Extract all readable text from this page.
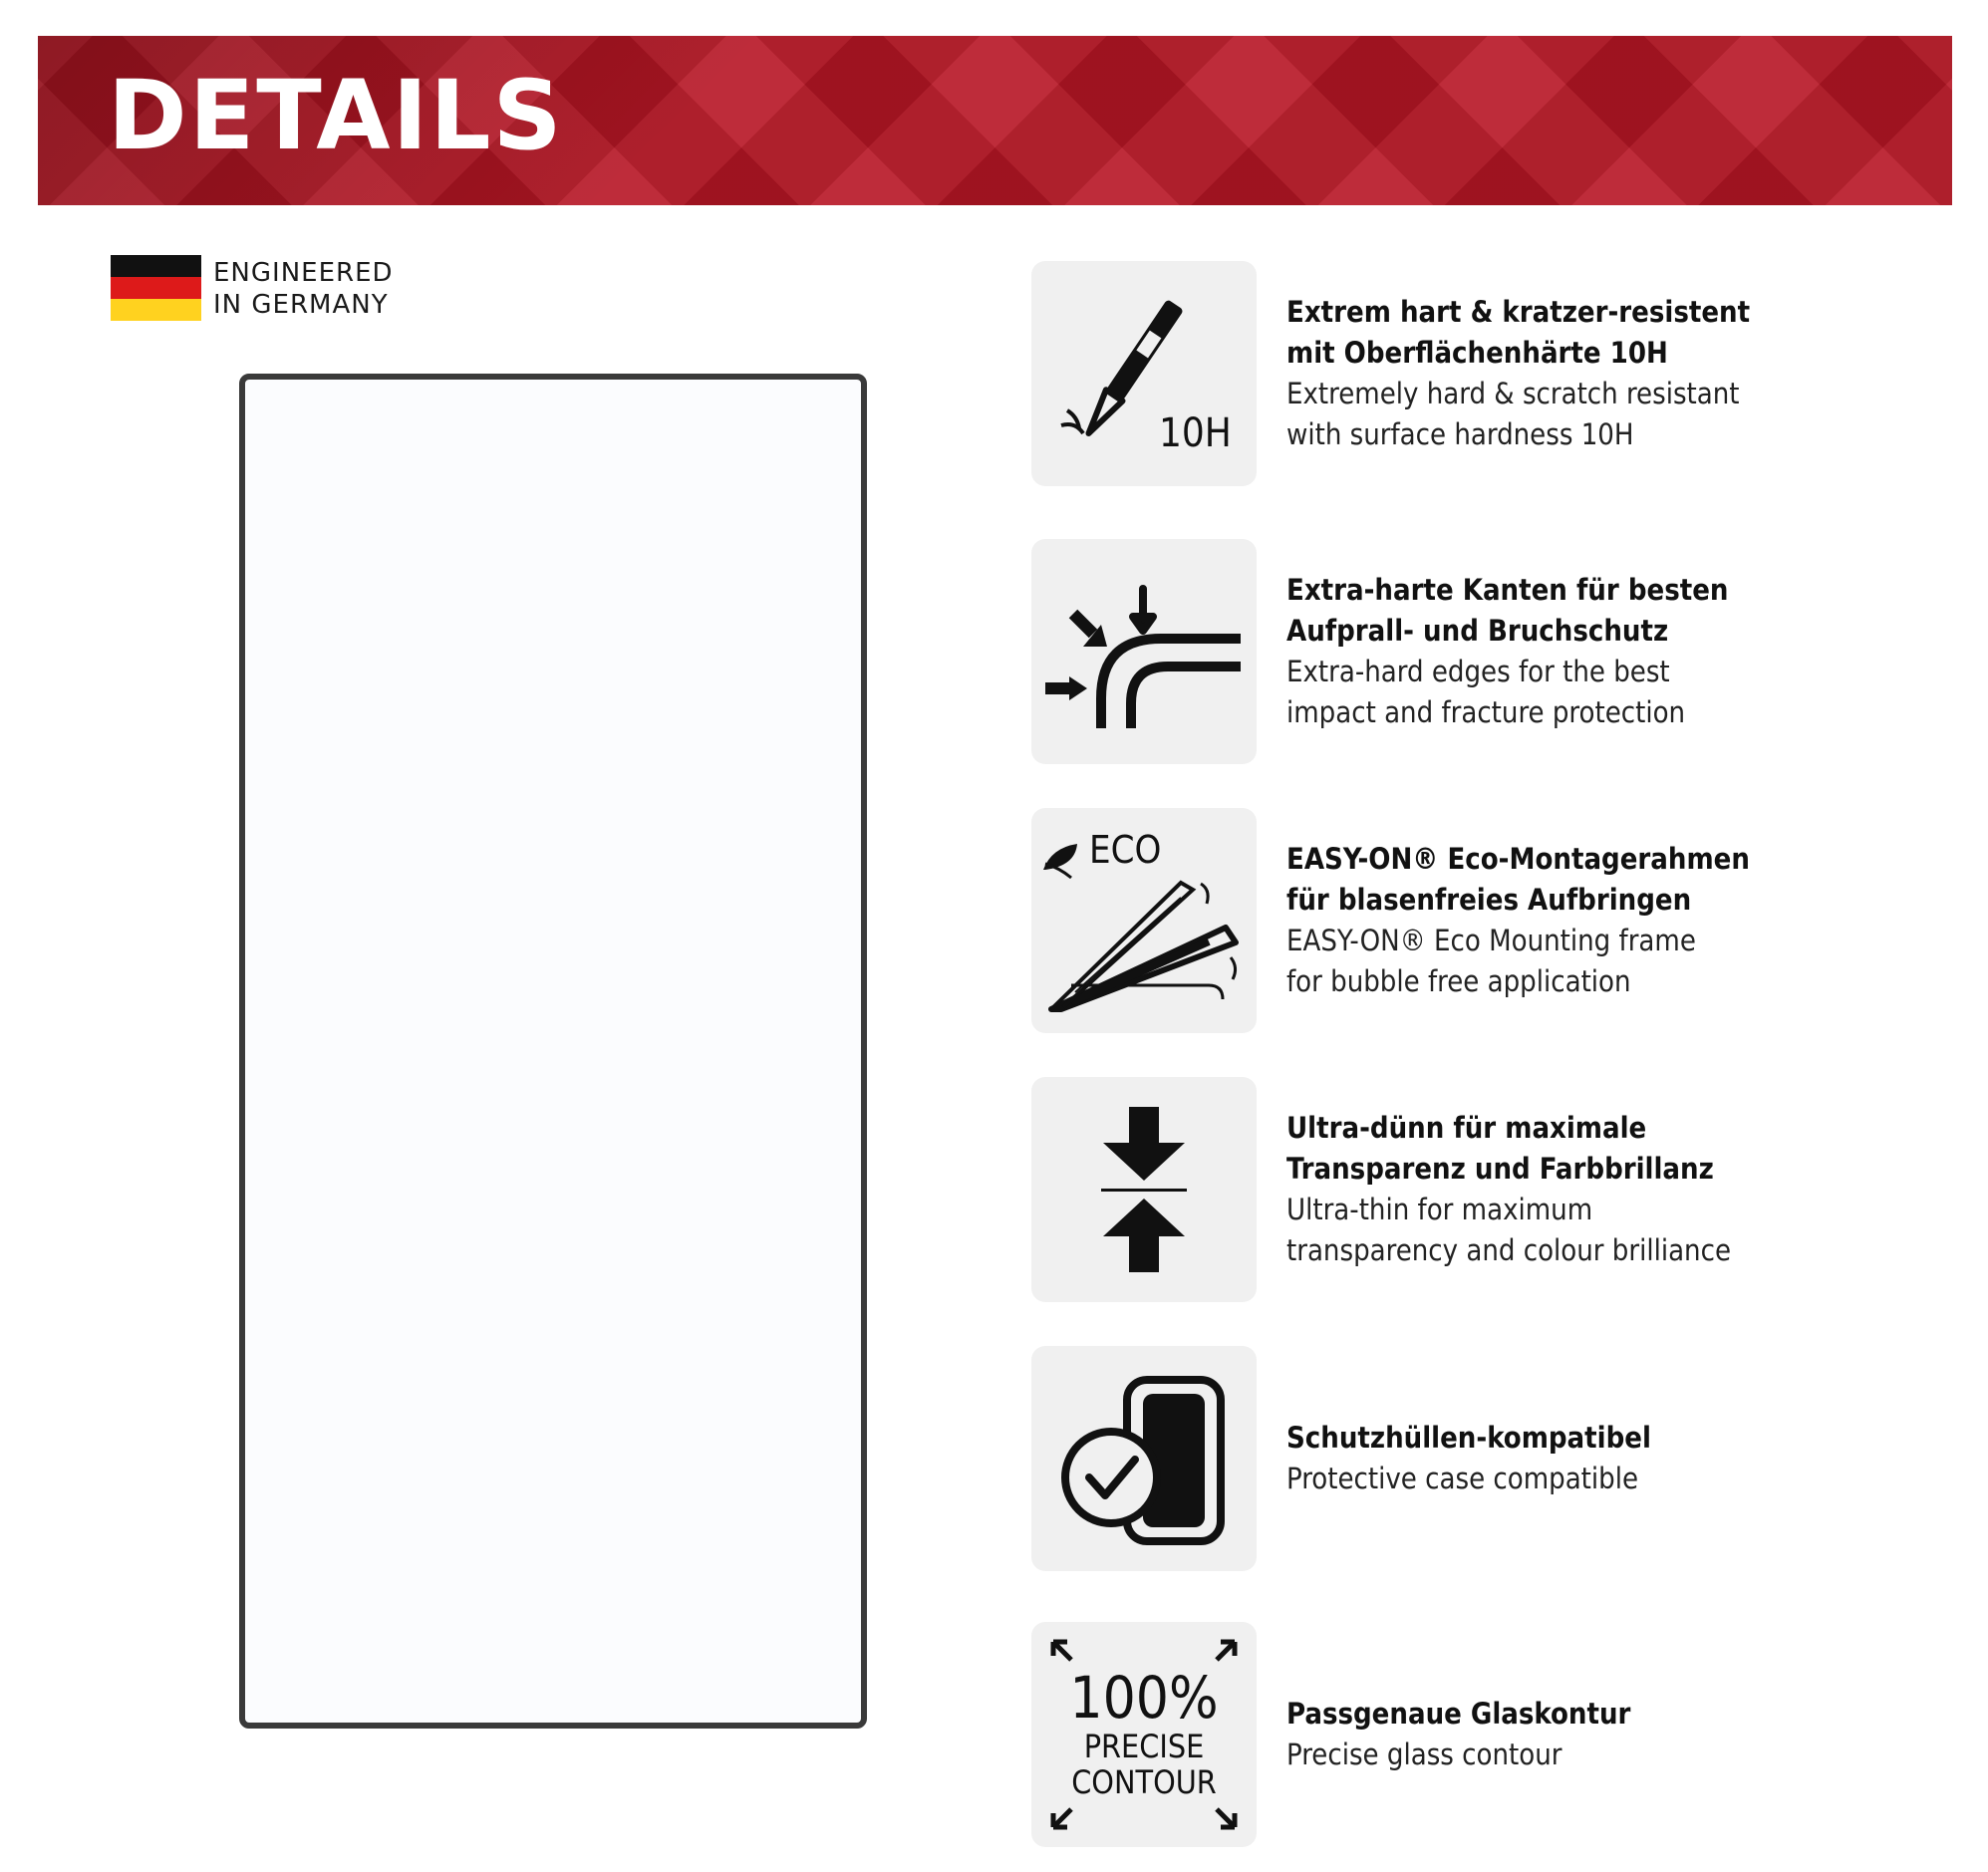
DETAILS
ENGINEERED
IN GERMANY
10H
Extrem hart & kratzer-resistent
mit Oberflächenhärte 10H
Extremely hard & scratch resistant
with surface hardness 10H
Extra-harte Kanten für besten
Aufprall- und Bruchschutz
Extra-hard edges for the best
impact and fracture protection
ECO	EASY-ON® Eco-Montagerahmen
für blasenfreies Aufbringen
EASY-ON® Eco Mounting frame
for bubble free application
Ultra-dünn für maximale
Transparenz und Farbbrillanz
Ultra-thin for maximum
transparency and colour brilliance
Schutzhüllen-kompatibel
Protective case compatible
100%
PRECISE
CONTOUR
Passgenaue Glaskontur
Precise glass contour
